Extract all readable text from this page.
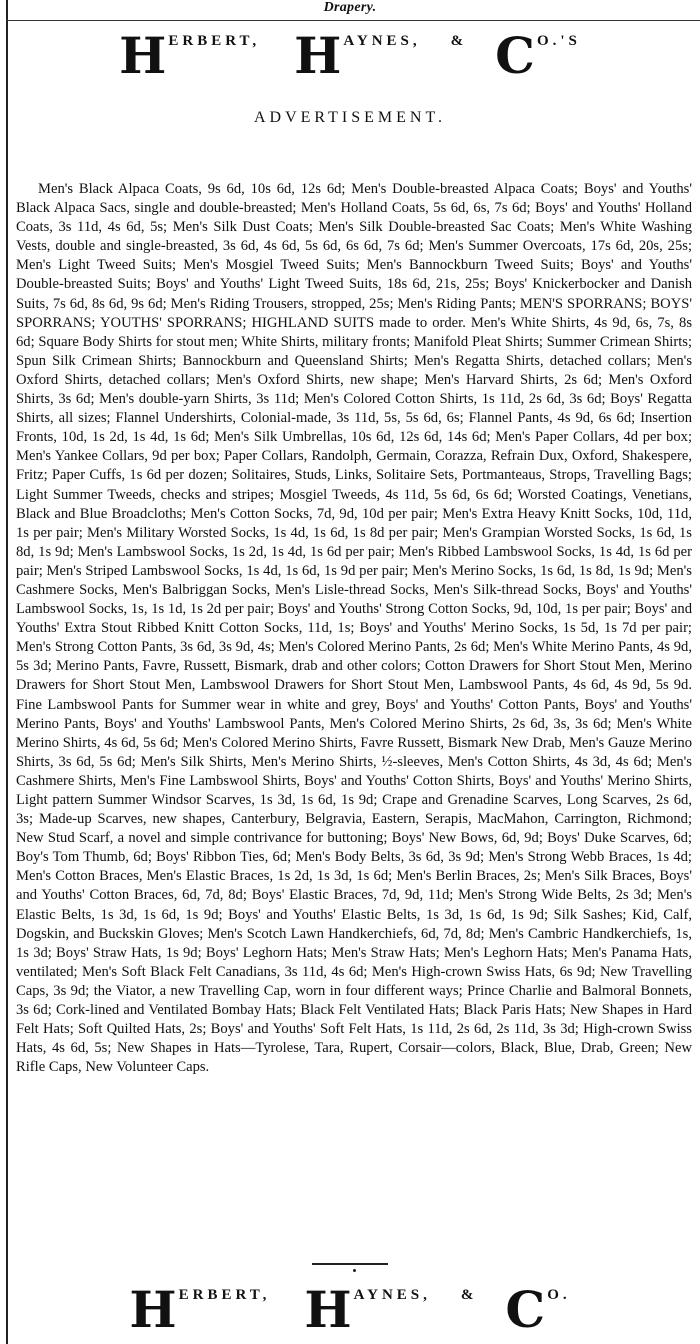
Drapery.
HERBERT, HAYNES, & CO.'S
ADVERTISEMENT.

Men's Black Alpaca Coats, 9s 6d, 10s 6d, 12s 6d; Men's Double-breasted Alpaca Coats; Boys' and Youths' Black Alpaca Sacs, single and double-breasted; Men's Holland Coats, 5s 6d, 6s, 7s 6d; Boys' and Youths' Holland Coats, 3s 11d, 4s 6d, 5s; Men's Silk Dust Coats; Men's Silk Double-breasted Sac Coats; Men's White Washing Vests, double and single-breasted, 3s 6d, 4s 6d, 5s 6d, 6s 6d, 7s 6d; Men's Summer Overcoats, 17s 6d, 20s, 25s; Men's Light Tweed Suits; Men's Mosgiel Tweed Suits; Men's Bannockburn Tweed Suits; Boys' and Youths' Double-breasted Suits; Boys' and Youths' Light Tweed Suits, 18s 6d, 21s, 25s; Boys' Knickerbocker and Danish Suits, 7s 6d, 8s 6d, 9s 6d; Men's Riding Trousers, stropped, 25s; Men's Riding Pants; MEN'S SPORRANS; BOYS' SPORRANS; YOUTHS' SPORRANS; HIGHLAND SUITS made to order. Men's White Shirts, 4s 9d, 6s, 7s, 8s 6d; Square Body Shirts for stout men; White Shirts, military fronts; Manifold Pleat Shirts; Summer Crimean Shirts; Spun Silk Crimean Shirts; Bannockburn and Queensland Shirts; Men's Regatta Shirts, detached collars; Men's Oxford Shirts, detached collars; Men's Oxford Shirts, new shape; Men's Harvard Shirts, 2s 6d; Men's Oxford Shirts, 3s 6d; Men's double-yarn Shirts, 3s 11d; Men's Colored Cotton Shirts, 1s 11d, 2s 6d, 3s 6d; Boys' Regatta Shirts, all sizes; Flannel Undershirts, Colonial-made, 3s 11d, 5s, 5s 6d, 6s; Flannel Pants, 4s 9d, 6s 6d; Insertion Fronts, 10d, 1s 2d, 1s 4d, 1s 6d; Men's Silk Umbrellas, 10s 6d, 12s 6d, 14s 6d; Men's Paper Collars, 4d per box; Men's Yankee Collars, 9d per box; Paper Collars, Randolph, Germain, Corazza, Refrain Dux, Oxford, Shakespere, Fritz; Paper Cuffs, 1s 6d per dozen; Solitaires, Studs, Links, Solitaire Sets, Portmanteaus, Strops, Travelling Bags; Light Summer Tweeds, checks and stripes; Mosgiel Tweeds, 4s 11d, 5s 6d, 6s 6d; Worsted Coatings, Venetians, Black and Blue Broadcloths; Men's Cotton Socks, 7d, 9d, 10d per pair; Men's Extra Heavy Knitt Socks, 10d, 11d, 1s per pair; Men's Military Worsted Socks, 1s 4d, 1s 6d, 1s 8d per pair; Men's Grampian Worsted Socks, 1s 6d, 1s 8d, 1s 9d; Men's Lambswool Socks, 1s 2d, 1s 4d, 1s 6d per pair; Men's Ribbed Lambswool Socks, 1s 4d, 1s 6d per pair; Men's Striped Lambswool Socks, 1s 4d, 1s 6d, 1s 9d per pair; Men's Merino Socks, 1s 6d, 1s 8d, 1s 9d; Men's Cashmere Socks, Men's Balbriggan Socks, Men's Lisle-thread Socks, Men's Silk-thread Socks, Boys' and Youths' Lambswool Socks, 1s, 1s 1d, 1s 2d per pair; Boys' and Youths' Strong Cotton Socks, 9d, 10d, 1s per pair; Boys' and Youths' Extra Stout Ribbed Knitt Cotton Socks, 11d, 1s; Boys' and Youths' Merino Socks, 1s 5d, 1s 7d per pair; Men's Strong Cotton Pants, 3s 6d, 3s 9d, 4s; Men's Colored Merino Pants, 2s 6d; Men's White Merino Pants, 4s 9d, 5s 3d; Merino Pants, Favre, Russett, Bismark, drab and other colors; Cotton Drawers for Short Stout Men, Merino Drawers for Short Stout Men, Lambswool Drawers for Short Stout Men, Lambswool Pants, 4s 6d, 4s 9d, 5s 9d. Fine Lambswool Pants for Summer wear in white and grey, Boys' and Youths' Cotton Pants, Boys' and Youths' Merino Pants, Boys' and Youths' Lambswool Pants, Men's Colored Merino Shirts, 2s 6d, 3s, 3s 6d; Men's White Merino Shirts, 4s 6d, 5s 6d; Men's Colored Merino Shirts, Favre Russett, Bismark New Drab, Men's Gauze Merino Shirts, 3s 6d, 5s 6d; Men's Silk Shirts, Men's Merino Shirts, ½-sleeves, Men's Cotton Shirts, 4s 3d, 4s 6d; Men's Cashmere Shirts, Men's Fine Lambswool Shirts, Boys' and Youths' Cotton Shirts, Boys' and Youths' Merino Shirts, Light pattern Summer Windsor Scarves, 1s 3d, 1s 6d, 1s 9d; Crape and Grenadine Scarves, Long Scarves, 2s 6d, 3s; Made-up Scarves, new shapes, Canterbury, Belgravia, Eastern, Serapis, MacMahon, Carrington, Richmond; New Stud Scarf, a novel and simple contrivance for buttoning; Boys' New Bows, 6d, 9d; Boys' Duke Scarves, 6d; Boy's Tom Thumb, 6d; Boys' Ribbon Ties, 6d; Men's Body Belts, 3s 6d, 3s 9d; Men's Strong Webb Braces, 1s 4d; Men's Cotton Braces, Men's Elastic Braces, 1s 2d, 1s 3d, 1s 6d; Men's Berlin Braces, 2s; Men's Silk Braces, Boys' and Youths' Cotton Braces, 6d, 7d, 8d; Boys' Elastic Braces, 7d, 9d, 11d; Men's Strong Wide Belts, 2s 3d; Men's Elastic Belts, 1s 3d, 1s 6d, 1s 9d; Boys' and Youths' Elastic Belts, 1s 3d, 1s 6d, 1s 9d; Silk Sashes; Kid, Calf, Dogskin, and Buckskin Gloves; Men's Scotch Lawn Handkerchiefs, 6d, 7d, 8d; Men's Cambric Handkerchiefs, 1s, 1s 3d; Boys' Straw Hats, 1s 9d; Boys' Leghorn Hats; Men's Straw Hats; Men's Leghorn Hats; Men's Panama Hats, ventilated; Men's Soft Black Felt Canadians, 3s 11d, 4s 6d; Men's High-crown Swiss Hats, 6s 9d; New Travelling Caps, 3s 9d; the Viator, a new Travelling Cap, worn in four different ways; Prince Charlie and Balmoral Bonnets, 3s 6d; Cork-lined and Ventilated Bombay Hats; Black Felt Ventilated Hats; Black Paris Hats; New Shapes in Hard Felt Hats; Soft Quilted Hats, 2s; Boys' and Youths' Soft Felt Hats, 1s 11d, 2s 6d, 2s 11d, 3s 3d; High-crown Swiss Hats, 4s 6d, 5s; New Shapes in Hats—Tyrolese, Tara, Rupert, Corsair—colors, Black, Blue, Drab, Green; New Rifle Caps, New Volunteer Caps.

HERBERT, HAYNES, & CO.
